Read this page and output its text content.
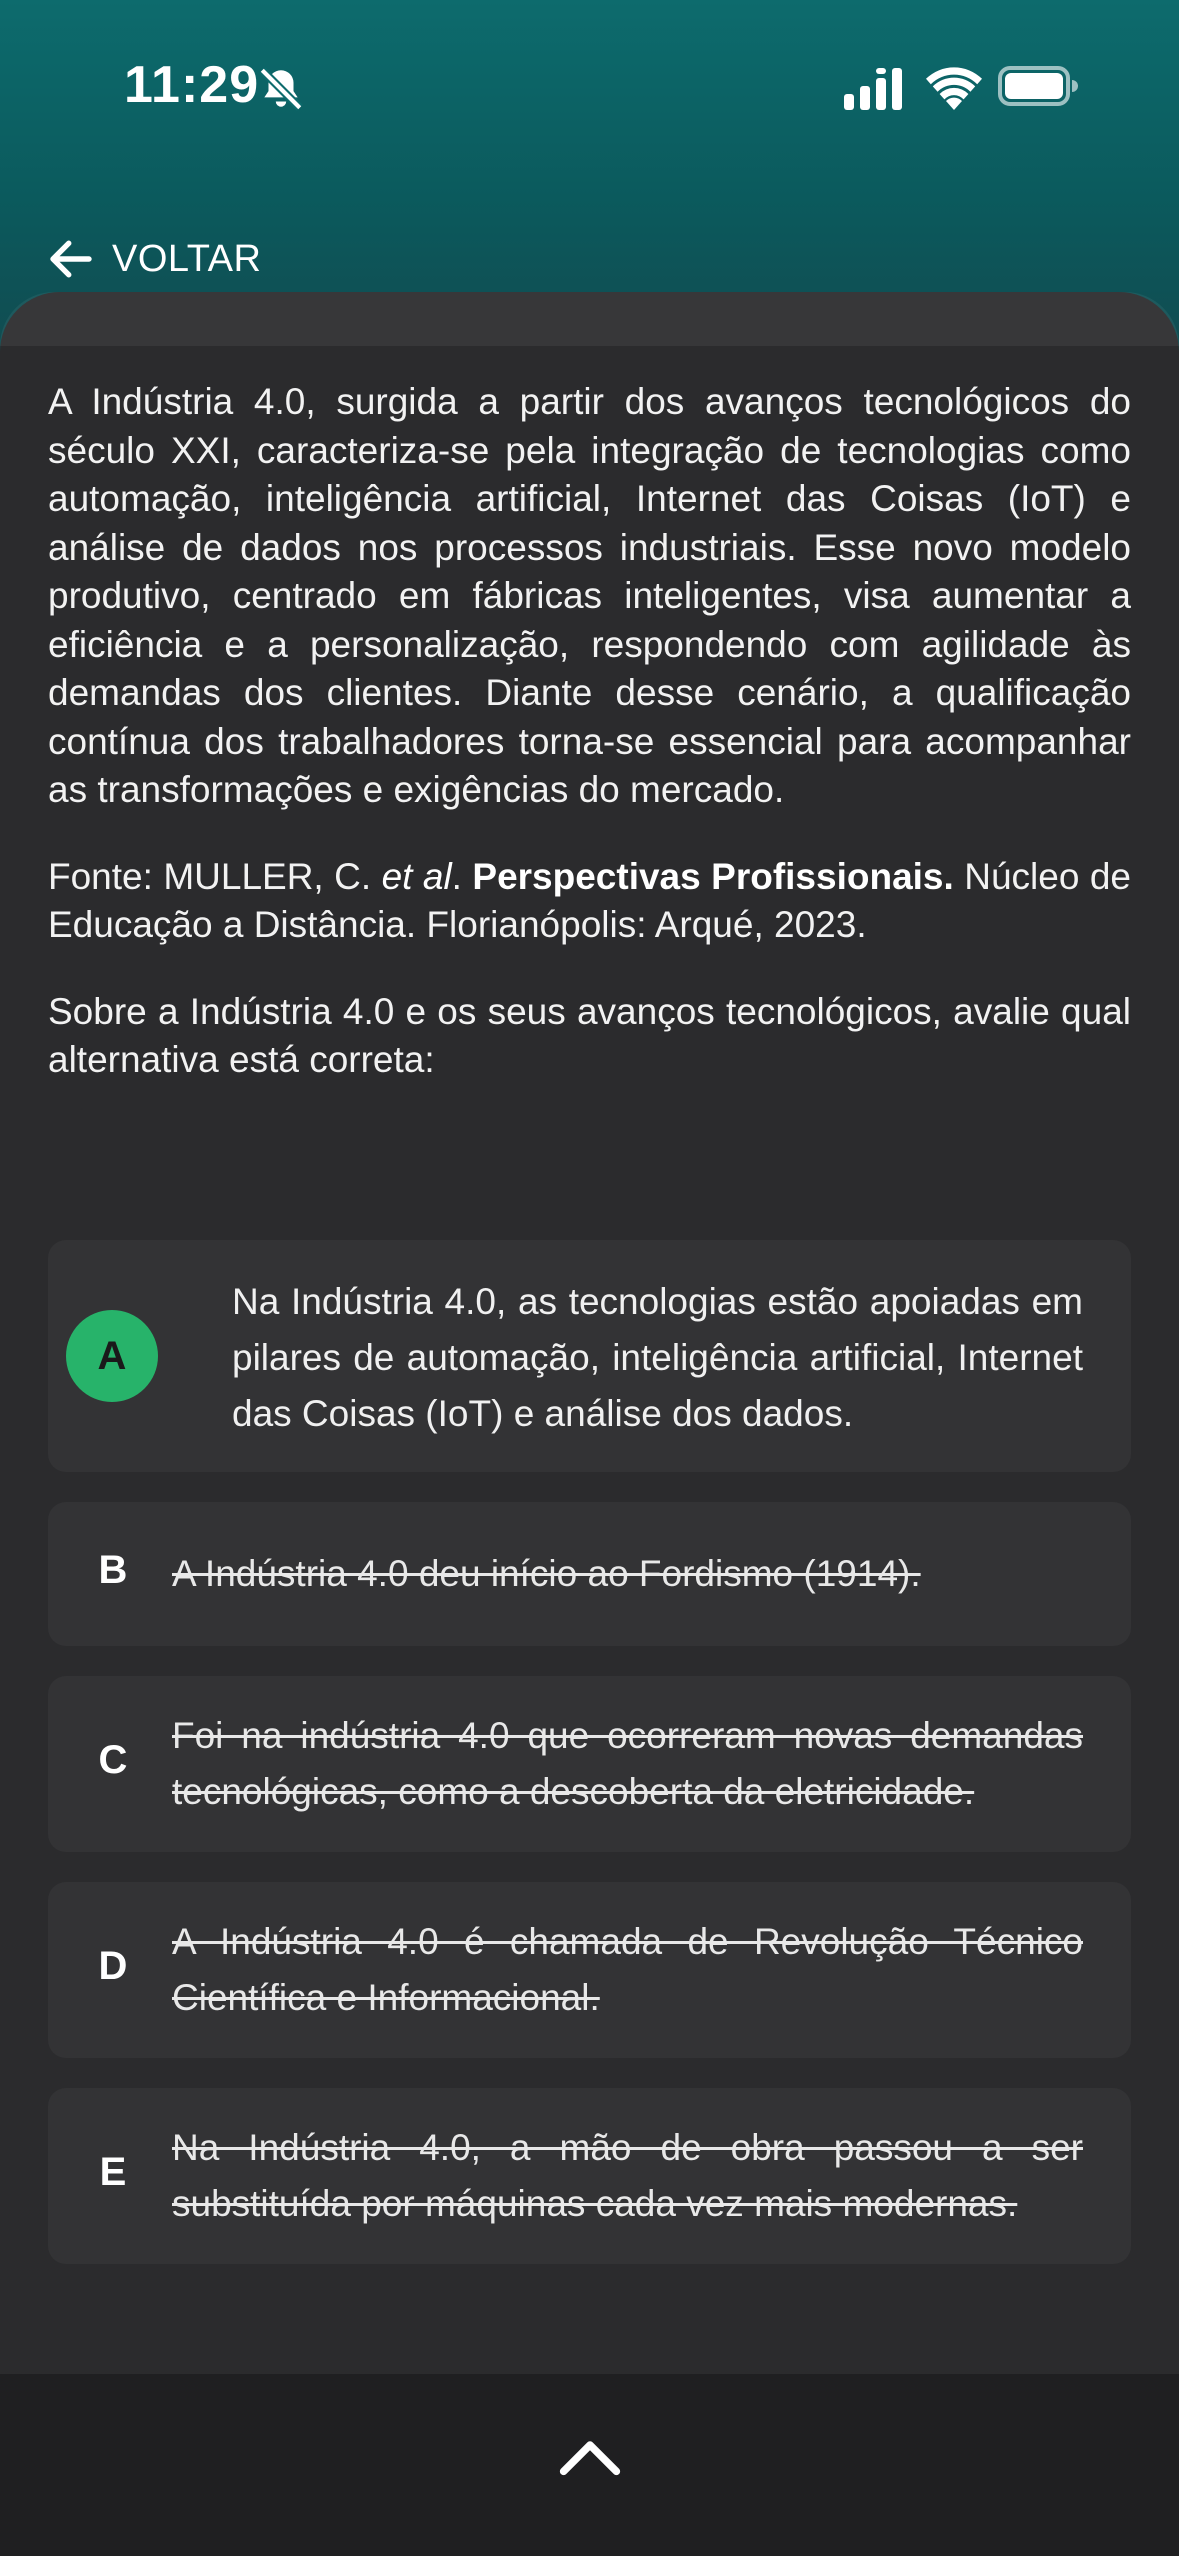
11:29
VOLTAR

A Indústria 4.0, surgida a partir dos avanços tecnológicos do século XXI, caracteriza-se pela integração de tecnologias como automação, inteligência artificial, Internet das Coisas (IoT) e análise de dados nos processos industriais. Esse novo modelo produtivo, centrado em fábricas inteligentes, visa aumentar a eficiência e a personalização, respondendo com agilidade às demandas dos clientes. Diante desse cenário, a qualificação contínua dos trabalhadores torna-se essencial para acompanhar as transformações e exigências do mercado.

Fonte: MULLER, C. et al. Perspectivas Profissionais. Núcleo de Educação a Distância. Florianópolis: Arqué, 2023.

Sobre a Indústria 4.0 e os seus avanços tecnológicos, avalie qual alternativa está correta:

A
Na Indústria 4.0, as tecnologias estão apoiadas em pilares de automação, inteligência artificial, Internet das Coisas (IoT) e análise dos dados.
B A Indústria 4.0 deu início ao Fordismo (1914).
C
Foi na indústria 4.0 que ocorreram novas demandas tecnológicas, como a descoberta da eletricidade.
D
A Indústria 4.0 é chamada de Revolução Técnico Científica e Informacional.
E
Na Indústria 4.0, a mão de obra passou a ser substituída por máquinas cada vez mais modernas.
